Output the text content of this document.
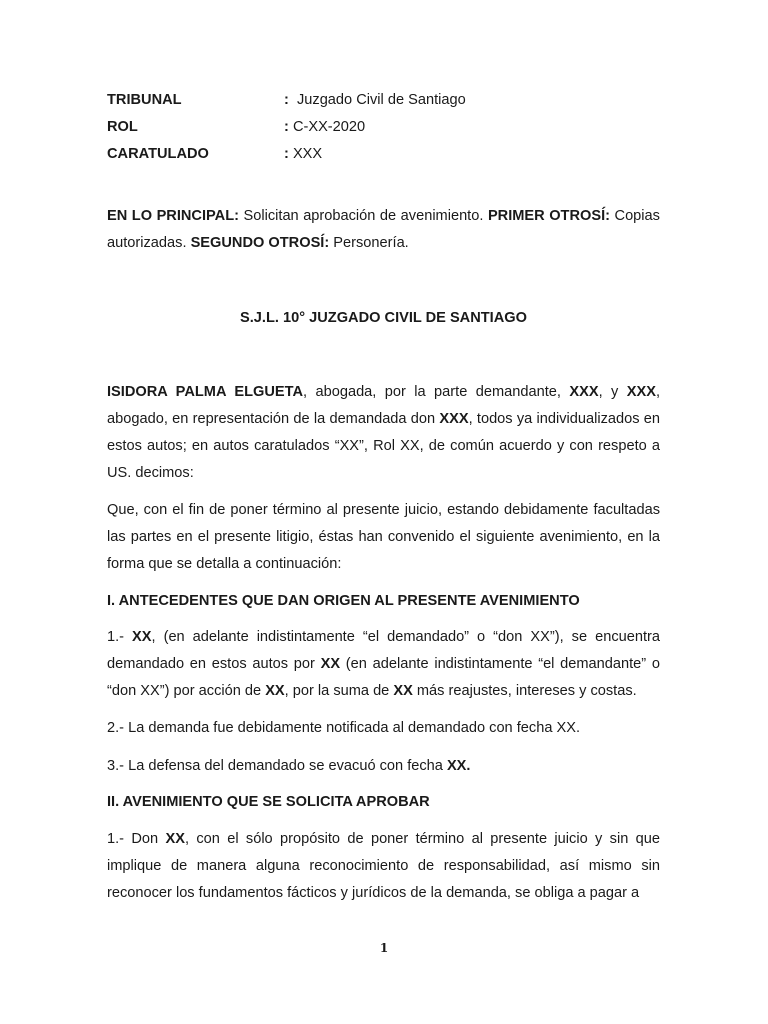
TRIBUNAL	: Juzgado Civil de Santiago
ROL	: C-XX-2020
CARATULADO	: XXX
EN LO PRINCIPAL: Solicitan aprobación de avenimiento. PRIMER OTROSÍ: Copias autorizadas. SEGUNDO OTROSÍ: Personería.
S.J.L. 10° JUZGADO CIVIL DE SANTIAGO
ISIDORA PALMA ELGUETA, abogada, por la parte demandante, XXX, y XXX, abogado, en representación de la demandada don XXX, todos ya individualizados en estos autos; en autos caratulados “XX”, Rol XX, de común acuerdo y con respeto a US. decimos:
Que, con el fin de poner término al presente juicio, estando debidamente facultadas las partes en el presente litigio, éstas han convenido el siguiente avenimiento, en la forma que se detalla a continuación:
I. ANTECEDENTES QUE DAN ORIGEN AL PRESENTE AVENIMIENTO
1.- XX, (en adelante indistintamente “el demandado” o “don XX”), se encuentra demandado en estos autos por XX (en adelante indistintamente “el demandante” o “don XX”) por acción de XX, por la suma de XX más reajustes, intereses y costas.
2.- La demanda fue debidamente notificada al demandado con fecha XX.
3.- La defensa del demandado se evacuó con fecha XX.
II. AVENIMIENTO QUE SE SOLICITA APROBAR
1.- Don XX, con el sólo propósito de poner término al presente juicio y sin que implique de manera alguna reconocimiento de responsabilidad, así mismo sin reconocer los fundamentos fácticos y jurídicos de la demanda, se obliga a pagar a
1
